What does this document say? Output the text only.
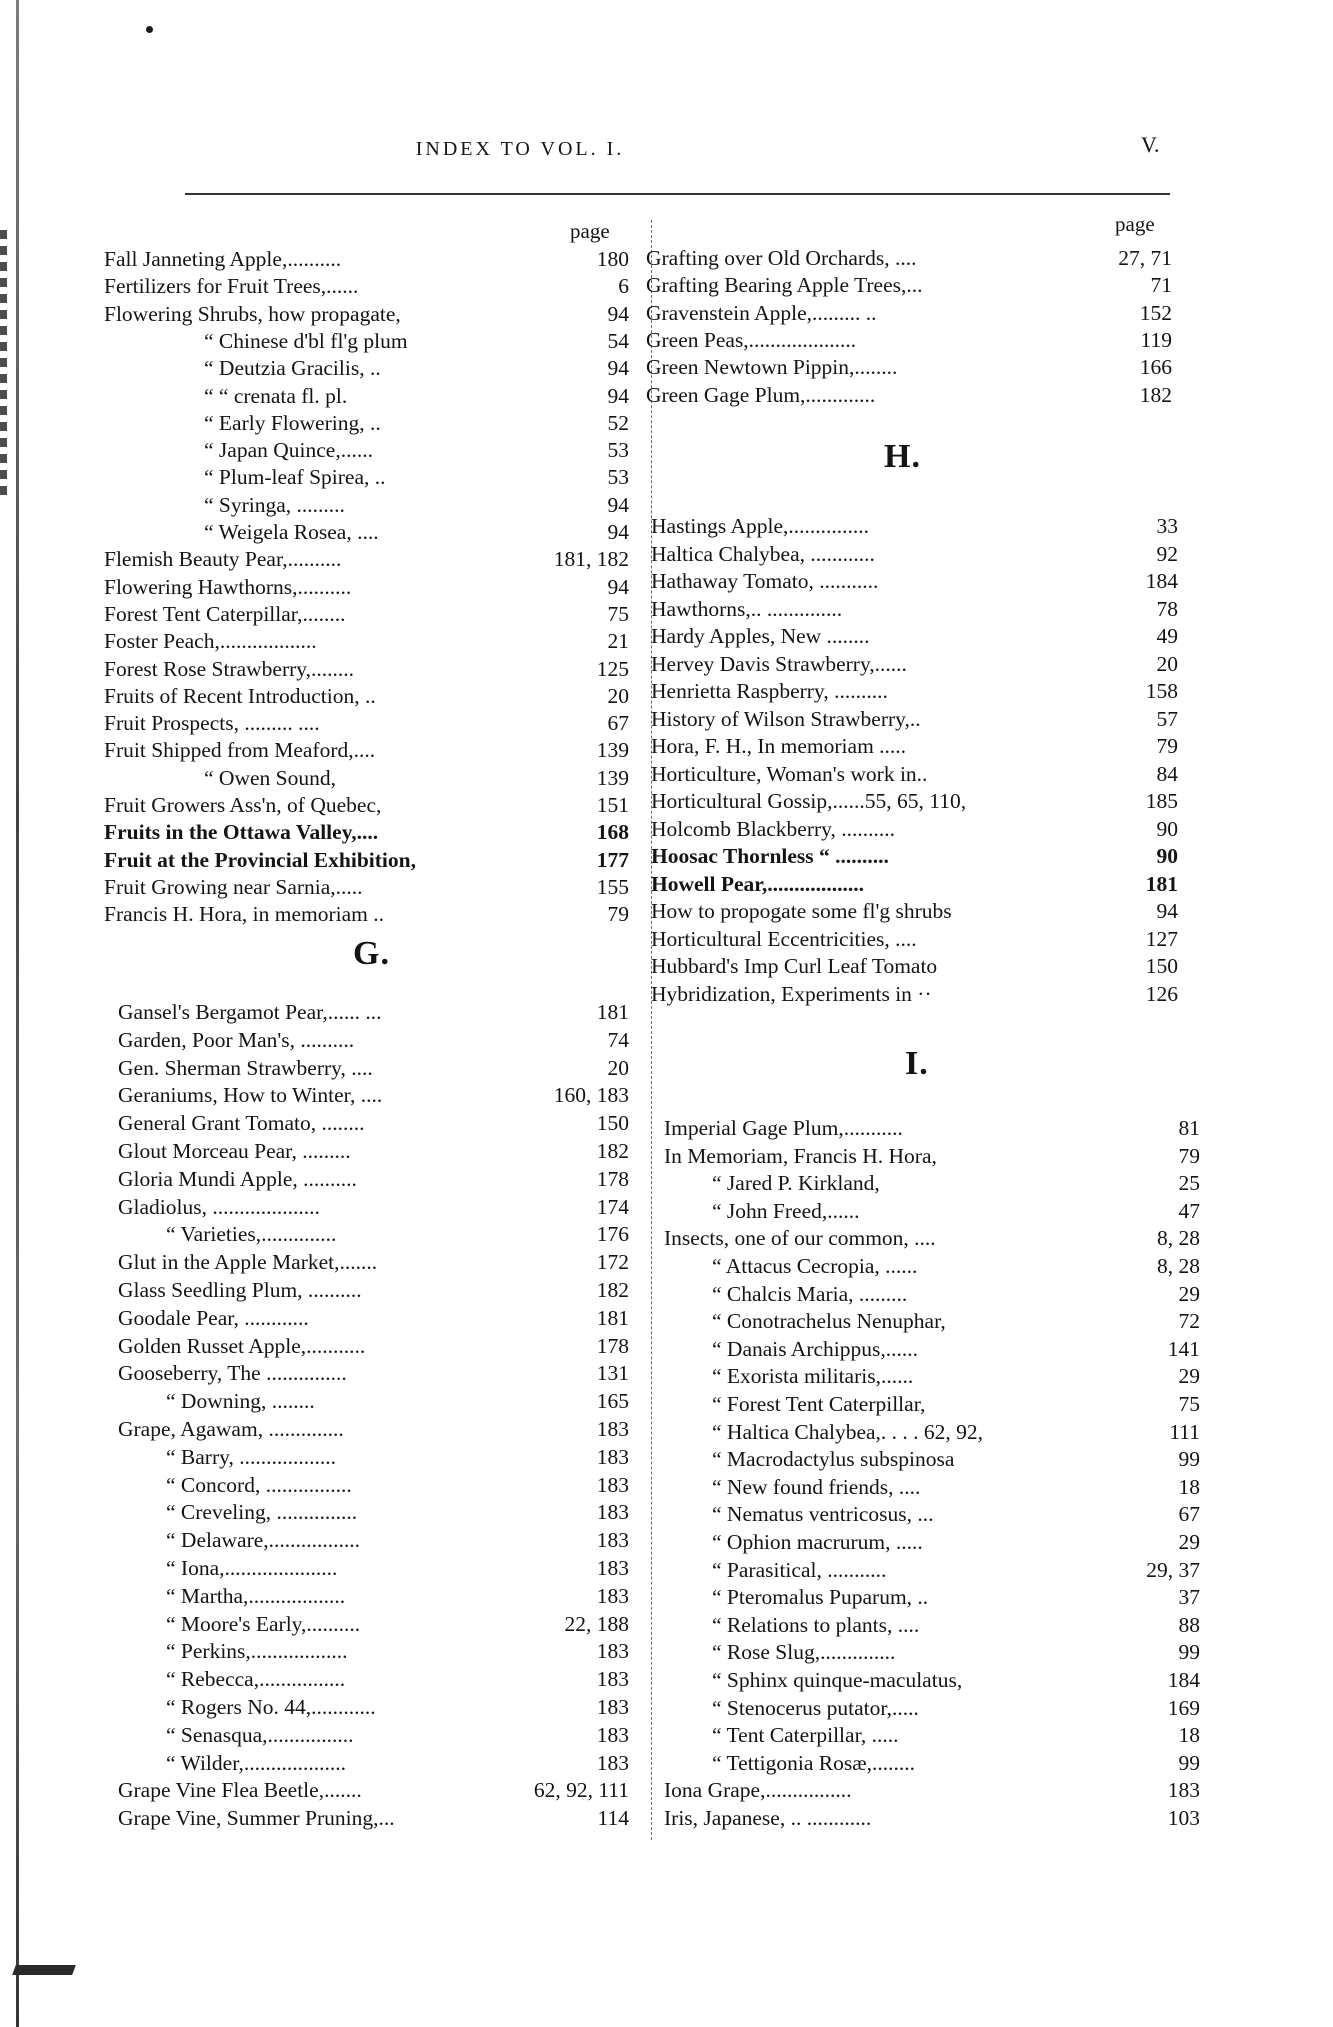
INDEX TO VOL. I.	V.
page	page
G.
H.
I.
Fall Janneting Apple,..........	180
Fertilizers for Fruit Trees,......	6
Flowering Shrubs, how propagate,	94
“ Chinese d'bl fl'g plum	54
“ Deutzia Gracilis, ..	94
“ “ crenata fl. pl.	94
“ Early Flowering, ..	52
“ Japan Quince,......	53
“ Plum-leaf Spirea, ..	53
“ Syringa, .........	94
“ Weigela Rosea, ....	94
Flemish Beauty Pear,..........	181, 182
Flowering Hawthorns,..........	94
Forest Tent Caterpillar,........	75
Foster Peach,..................	21
Forest Rose Strawberry,........	125
Fruits of Recent Introduction, ..	20
Fruit Prospects, ......... ....	67
Fruit Shipped from Meaford,....	139
“ Owen Sound,	139
Fruit Growers Ass'n, of Quebec,	151
Fruits in the Ottawa Valley,....	168
Fruit at the Provincial Exhibition,	177
Fruit Growing near Sarnia,.....	155
Francis H. Hora, in memoriam ..	79
Gansel's Bergamot Pear,...... ...	181
Garden, Poor Man's, ..........	74
Gen. Sherman Strawberry, ....	20
Geraniums, How to Winter, ....	160, 183
General Grant Tomato, ........	150
Glout Morceau Pear, .........	182
Gloria Mundi Apple, ..........	178
Gladiolus, ....................	174
“ Varieties,..............	176
Glut in the Apple Market,.......	172
Glass Seedling Plum, ..........	182
Goodale Pear, ............	181
Golden Russet Apple,...........	178
Gooseberry, The ...............	131
“ Downing, ........	165
Grape, Agawam, ..............	183
“ Barry, ..................	183
“ Concord, ................	183
“ Creveling, ...............	183
“ Delaware,.................	183
“ Iona,.....................	183
“ Martha,..................	183
“ Moore's Early,..........	22, 188
“ Perkins,..................	183
“ Rebecca,................	183
“ Rogers No. 44,............	183
“ Senasqua,................	183
“ Wilder,...................	183
Grape Vine Flea Beetle,.......	62, 92, 111
Grape Vine, Summer Pruning,...	114
Grafting over Old Orchards, ....	27, 71
Grafting Bearing Apple Trees,...	71
Gravenstein Apple,......... ..	152
Green Peas,....................	119
Green Newtown Pippin,........	166
Green Gage Plum,.............	182
Hastings Apple,...............	33
Haltica Chalybea, ............	92
Hathaway Tomato, ...........	184
Hawthorns,.. ..............	78
Hardy Apples, New ........	49
Hervey Davis Strawberry,......	20
Henrietta Raspberry, ..........	158
History of Wilson Strawberry,..	57
Hora, F. H., In memoriam .....	79
Horticulture, Woman's work in..	84
Horticultural Gossip,......55, 65, 110,	185
Holcomb Blackberry, ..........	90
Hoosac Thornless “ ..........	90
Howell Pear,..................	181
How to propogate some fl'g shrubs	94
Horticultural Eccentricities, ....	127
Hubbard's Imp Curl Leaf Tomato	150
Hybridization, Experiments in ··	126
Imperial Gage Plum,...........	81
In Memoriam, Francis H. Hora,	79
“ Jared P. Kirkland,	25
“ John Freed,......	47
Insects, one of our common, ....	8, 28
“ Attacus Cecropia, ......	8, 28
“ Chalcis Maria, .........	29
“ Conotrachelus Nenuphar,	72
“ Danais Archippus,......	141
“ Exorista militaris,......	29
“ Forest Tent Caterpillar,	75
“ Haltica Chalybea,. . . . 62, 92,	111
“ Macrodactylus subspinosa	99
“ New found friends, ....	18
“ Nematus ventricosus, ...	67
“ Ophion macrurum, .....	29
“ Parasitical, ...........	29, 37
“ Pteromalus Puparum, ..	37
“ Relations to plants, ....	88
“ Rose Slug,..............	99
“ Sphinx quinque-maculatus,	184
“ Stenocerus putator,.....	169
“ Tent Caterpillar, .....	18
“ Tettigonia Rosæ,........	99
Iona Grape,................	183
Iris, Japanese, .. ............	103
